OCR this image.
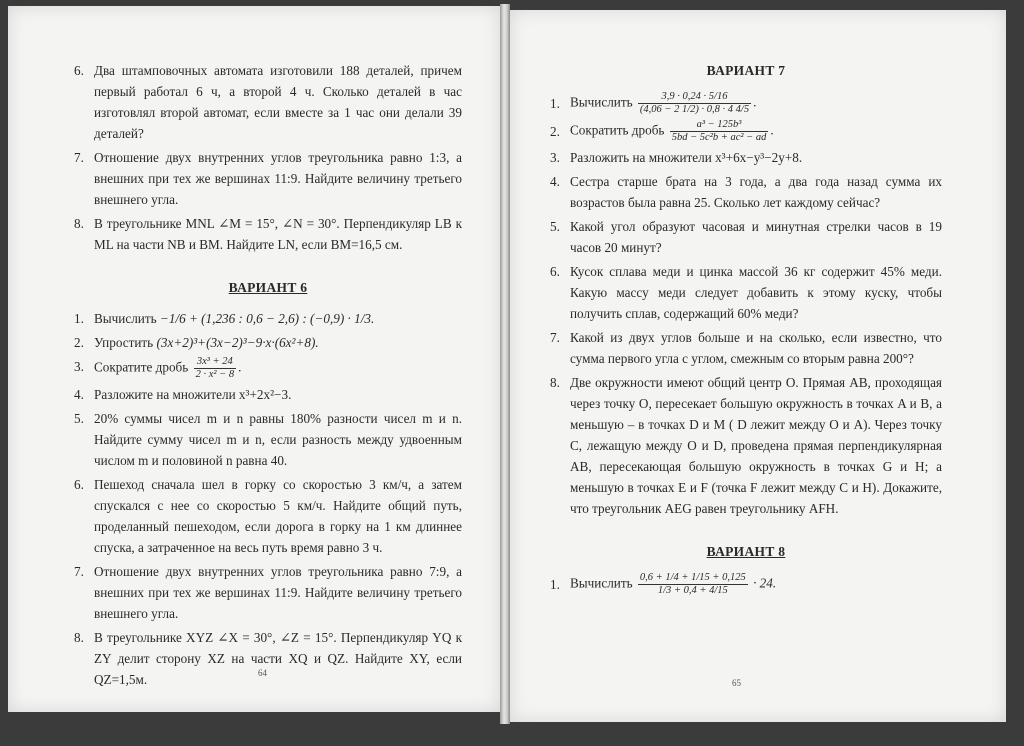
6. Два штамповочных автомата изготовили 188 деталей, причем первый работал 6 ч, а второй 4 ч. Сколько деталей в час изготовлял второй автомат, если вместе за 1 час они делали 39 деталей?
7. Отношение двух внутренних углов треугольника равно 1:3, а внешних при тех же вершинах 11:9. Найдите величину третьего внешнего угла.
8. В треугольнике MNL ∠M = 15°, ∠N = 30°. Перпендикуляр LB к ML на части NB и BM. Найдите LN, если BM=16,5 см.
ВАРИАНТ 6
1. Вычислить −1/6 + (1,236 : 0,6 − 2,6) : (−0,9) · 1/3.
2. Упростить (3x+2)³+(3x−2)³−9·x·(6x²+8).
3. Сократите дробь $\frac{\text{3x³ + 24}}{\text{2 · x² − 8}}$ .
4. Разложите на множители x³+2x²−3.
5. 20% суммы чисел m и n равны 180% разности чисел m и n. Найдите сумму чисел m и n, если разность между удвоенным числом m и половиной n равна 40.
6. Пешеход сначала шел в горку со скоростью 3 км/ч, а затем спускался с нее со скоростью 5 км/ч. Найдите общий путь, проделанный пешеходом, если дорога в горку на 1 км длиннее спуска, а затраченное на весь путь время равно 3 ч.
7. Отношение двух внутренних углов треугольника равно 7:9, а внешних при тех же вершинах 11:9. Найдите величину третьего внешнего угла.
8. В треугольнике XYZ ∠X = 30°, ∠Z = 15°. Перпендикуляр YQ к ZY делит сторону XZ на части XQ и QZ. Найдите XY, если QZ=1,5м.	64
ВАРИАНТ 7
1. Вычислить $\frac{3,9 \cdot 0,24 \cdot 5/16}{(4,06 - 2 1/2) \cdot 0,8 \cdot 4 4/5}$ .
2. Сократить дробь $\frac{\text{a³ − 125b³}}{\text{5bd − 5c²b + ac² − ad}}$ .
3. Разложить на множители x³+6x−y³−2y+8.
4. Сестра старше брата на 3 года, а два года назад сумма их возрастов была равна 25. Сколько лет каждому сейчас?
5. Какой угол образуют часовая и минутная стрелки часов в 19 часов 20 минут?
6. Кусок сплава меди и цинка массой 36 кг содержит 45% меди. Какую массу меди следует добавить к этому куску, чтобы получить сплав, содержащий 60% меди?
7. Какой из двух углов больше и на сколько, если известно, что сумма первого угла с углом, смежным со вторым равна 200°?
8. Две окружности имеют общий центр O. Прямая AB, проходящая через точку O, пересекает большую окружность в точках A и B, а меньшую – в точках D и M ( D лежит между O и A). Через точку C, лежащую между O и D, проведена прямая перпендикулярная AB, пересекающая большую окружность в точках G и H; а меньшую в точках E и F (точка F лежит между C и H). Докажите, что треугольник AEG равен треугольнику AFH.
ВАРИАНТ 8
1. Вычислить $\frac{0,6 + 1/4 + 1/15 + 0,125}{1/3 + 0,4 + 4/15} \cdot 24$.
65
